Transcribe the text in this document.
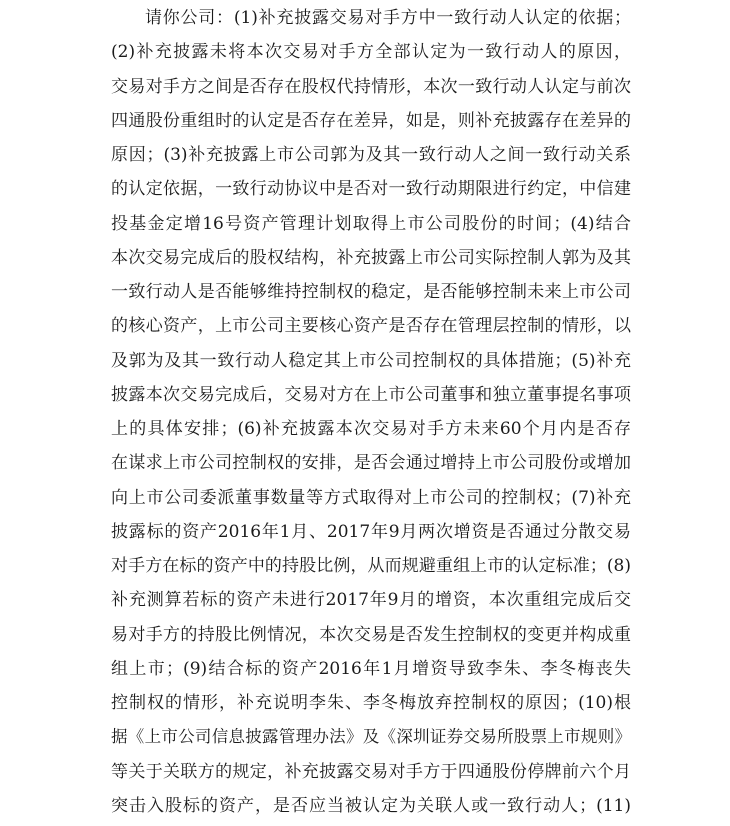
请你公司：(1)补充披露交易对手方中一致行动人认定的依据；
(2)补充披露未将本次交易对手方全部认定为一致行动人的原因，
交易对手方之间是否存在股权代持情形，本次一致行动人认定与前次
四通股份重组时的认定是否存在差异，如是，则补充披露存在差异的
原因；(3)补充披露上市公司郭为及其一致行动人之间一致行动关系
的认定依据，一致行动协议中是否对一致行动期限进行约定，中信建
投基金定增16号资产管理计划取得上市公司股份的时间；(4)结合
本次交易完成后的股权结构，补充披露上市公司实际控制人郭为及其
一致行动人是否能够维持控制权的稳定，是否能够控制未来上市公司
的核心资产，上市公司主要核心资产是否存在管理层控制的情形，以
及郭为及其一致行动人稳定其上市公司控制权的具体措施；(5)补充
披露本次交易完成后，交易对方在上市公司董事和独立董事提名事项
上的具体安排；(6)补充披露本次交易对手方未来60个月内是否存
在谋求上市公司控制权的安排，是否会通过增持上市公司股份或增加
向上市公司委派董事数量等方式取得对上市公司的控制权；(7)补充
披露标的资产2016年1月、2017年9月两次增资是否通过分散交易
对手方在标的资产中的持股比例，从而规避重组上市的认定标准；(8)
补充测算若标的资产未进行2017年9月的增资，本次重组完成后交
易对手方的持股比例情况，本次交易是否发生控制权的变更并构成重
组上市；(9)结合标的资产2016年1月增资导致李朱、李冬梅丧失
控制权的情形，补充说明李朱、李冬梅放弃控制权的原因；(10)根
据《上市公司信息披露管理办法》及《深圳证券交易所股票上市规则》
等关于关联方的规定，补充披露交易对手方于四通股份停牌前六个月
突击入股标的资产，是否应当被认定为关联人或一致行动人；(11)
